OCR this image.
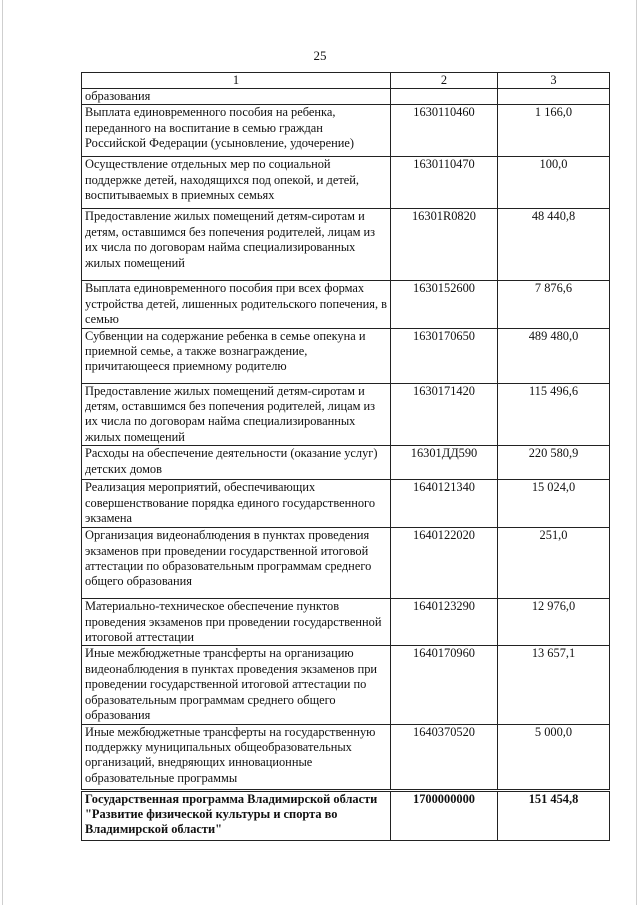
25
1	2	3
образования		
Выплата единовременного пособия на ребенка, переданного на воспитание в семью граждан Российской Федерации (усыновление, удочерение)	1630110460	1 166,0
Осуществление отдельных мер по социальной поддержке детей, находящихся под опекой, и детей, воспитываемых в приемных семьях	1630110470	100,0
Предоставление жилых помещений детям-сиротам и детям, оставшимся без попечения родителей, лицам из их числа по договорам найма специализированных жилых помещений	16301R0820	48 440,8
Выплата единовременного пособия при всех формах устройства детей, лишенных родительского попечения, в семью	1630152600	7 876,6
Субвенции на содержание ребенка в семье опекуна и приемной семье, а также вознаграждение, причитающееся приемному родителю	1630170650	489 480,0
Предоставление жилых помещений детям-сиротам и детям, оставшимся без попечения родителей, лицам из их числа по договорам найма специализированных жилых помещений	1630171420	115 496,6
Расходы на обеспечение деятельности (оказание услуг) детских домов	16301ДД590	220 580,9
Реализация мероприятий, обеспечивающих совершенствование порядка единого государственного экзамена	1640121340	15 024,0
Организация видеонаблюдения в пунктах проведения экзаменов при проведении государственной итоговой аттестации по образовательным программам среднего общего образования	1640122020	251,0
Материально-техническое обеспечение пунктов проведения экзаменов при проведении государственной итоговой аттестации	1640123290	12 976,0
Иные межбюджетные трансферты на организацию видеонаблюдения в пунктах проведения экзаменов при проведении государственной итоговой аттестации по образовательным программам среднего общего образования	1640170960	13 657,1
Иные межбюджетные трансферты на государственную поддержку муниципальных общеобразовательных организаций, внедряющих инновационные образовательные программы	1640370520	5 000,0
Государственная программа Владимирской области "Развитие физической культуры и спорта во Владимирской области"	1700000000	151 454,8
